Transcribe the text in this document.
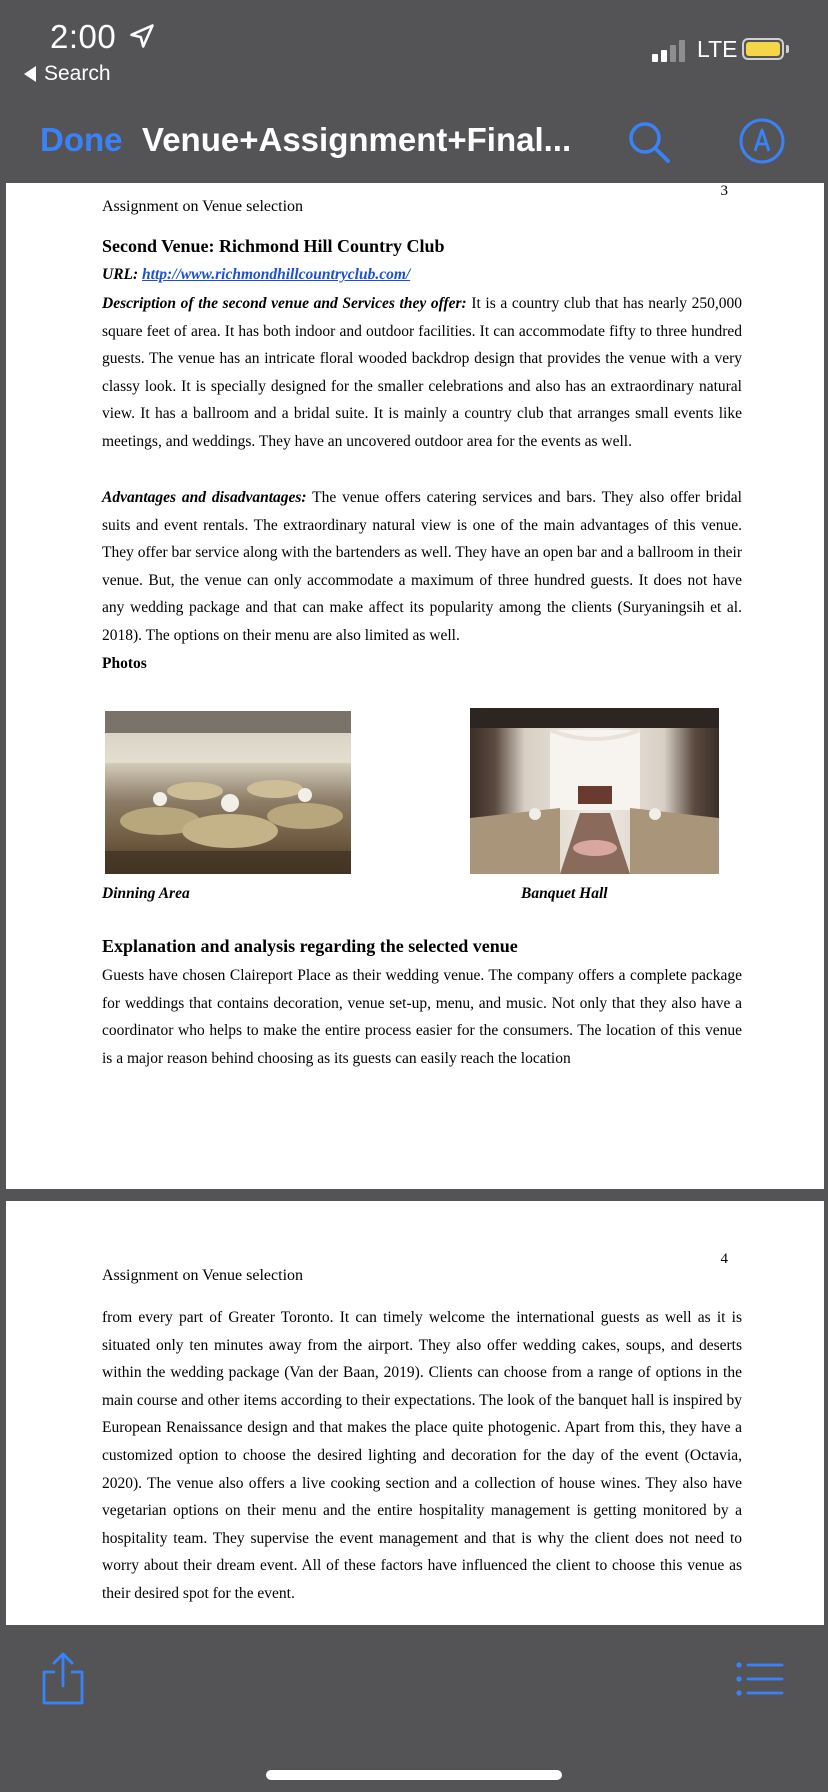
2:00
Search
LTE
Done Venue+Assignment+Final...
3
Assignment on Venue selection
Second Venue: Richmond Hill Country Club
URL: http://www.richmondhillcountryclub.com/
Description of the second venue and Services they offer: It is a country club that has nearly 250,000 square feet of area. It has both indoor and outdoor facilities. It can accommodate fifty to three hundred guests. The venue has an intricate floral wooded backdrop design that provides the venue with a very classy look. It is specially designed for the smaller celebrations and also has an extraordinary natural view. It has a ballroom and a bridal suite. It is mainly a country club that arranges small events like meetings, and weddings. They have an uncovered outdoor area for the events as well.
Advantages and disadvantages: The venue offers catering services and bars. They also offer bridal suits and event rentals. The extraordinary natural view is one of the main advantages of this venue. They offer bar service along with the bartenders as well. They have an open bar and a ballroom in their venue. But, the venue can only accommodate a maximum of three hundred guests. It does not have any wedding package and that can make affect its popularity among the clients (Suryaningsih et al. 2018). The options on their menu are also limited as well.
Photos
Dinning Area	Banquet Hall
Explanation and analysis regarding the selected venue
Guests have chosen Claireport Place as their wedding venue. The company offers a complete package for weddings that contains decoration, venue set-up, menu, and music. Not only that they also have a coordinator who helps to make the entire process easier for the consumers. The location of this venue is a major reason behind choosing as its guests can easily reach the location
4
Assignment on Venue selection
from every part of Greater Toronto. It can timely welcome the international guests as well as it is situated only ten minutes away from the airport. They also offer wedding cakes, soups, and deserts within the wedding package (Van der Baan, 2019). Clients can choose from a range of options in the main course and other items according to their expectations. The look of the banquet hall is inspired by European Renaissance design and that makes the place quite photogenic. Apart from this, they have a customized option to choose the desired lighting and decoration for the day of the event (Octavia, 2020). The venue also offers a live cooking section and a collection of house wines. They also have vegetarian options on their menu and the entire hospitality management is getting monitored by a hospitality team. They supervise the event management and that is why the client does not need to worry about their dream event. All of these factors have influenced the client to choose this venue as their desired spot for the event.
